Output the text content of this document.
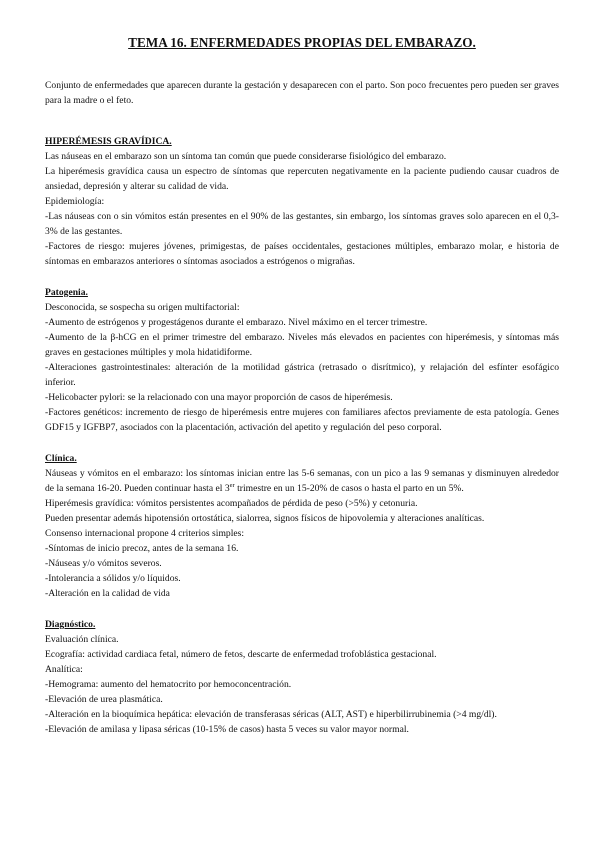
TEMA 16. ENFERMEDADES PROPIAS DEL EMBARAZO.

Conjunto de enfermedades que aparecen durante la gestación y desaparecen con el parto. Son poco frecuentes pero pueden ser graves para la madre o el feto.

HIPERÉMESIS GRAVÍDICA.

Las náuseas en el embarazo son un síntoma tan común que puede considerarse fisiológico del embarazo.

La hiperémesis gravídica causa un espectro de síntomas que repercuten negativamente en la paciente pudiendo causar cuadros de ansiedad, depresión y alterar su calidad de vida.

Epidemiología:

-Las náuseas con o sin vómitos están presentes en el 90% de las gestantes, sin embargo, los síntomas graves solo aparecen en el 0,3-3% de las gestantes.

-Factores de riesgo: mujeres jóvenes, primigestas, de países occidentales, gestaciones múltiples, embarazo molar, e historia de síntomas en embarazos anteriores o síntomas asociados a estrógenos o migrañas.

Patogenia.

Desconocida, se sospecha su origen multifactorial:

-Aumento de estrógenos y progestágenos durante el embarazo. Nivel máximo en el tercer trimestre.

-Aumento de la β-hCG en el primer trimestre del embarazo. Niveles más elevados en pacientes con hiperémesis, y síntomas más graves en gestaciones múltiples y mola hidatidiforme.

-Alteraciones gastrointestinales: alteración de la motilidad gástrica (retrasado o disrítmico), y relajación del esfínter esofágico inferior.

-Helicobacter pylori: se la relacionado con una mayor proporción de casos de hiperémesis.

-Factores genéticos: incremento de riesgo de hiperémesis entre mujeres con familiares afectos previamente de esta patología. Genes GDF15 y IGFBP7, asociados con la placentación, activación del apetito y regulación del peso corporal.

Clínica.

Náuseas y vómitos en el embarazo: los síntomas inician entre las 5-6 semanas, con un pico a las 9 semanas y disminuyen alrededor de la semana 16-20. Pueden continuar hasta el 3er trimestre en un 15-20% de casos o hasta el parto en un 5%.

Hiperémesis gravídica: vómitos persistentes acompañados de pérdida de peso (>5%) y cetonuria.

Pueden presentar además hipotensión ortostática, sialorrea, signos físicos de hipovolemia y alteraciones analíticas.

Consenso internacional propone 4 criterios simples:

-Síntomas de inicio precoz, antes de la semana 16.

-Náuseas y/o vómitos severos.

-Intolerancia a sólidos y/o líquidos.

-Alteración en la calidad de vida

Diagnóstico.

Evaluación clínica.

Ecografía: actividad cardiaca fetal, número de fetos, descarte de enfermedad trofoblástica gestacional.

Analítica:

-Hemograma: aumento del hematocrito por hemoconcentración.

-Elevación de urea plasmática.

-Alteración en la bioquímica hepática: elevación de transferasas séricas (ALT, AST) e hiperbilirrubinemia (>4 mg/dl).

-Elevación de amilasa y lipasa séricas (10-15% de casos) hasta 5 veces su valor mayor normal.
